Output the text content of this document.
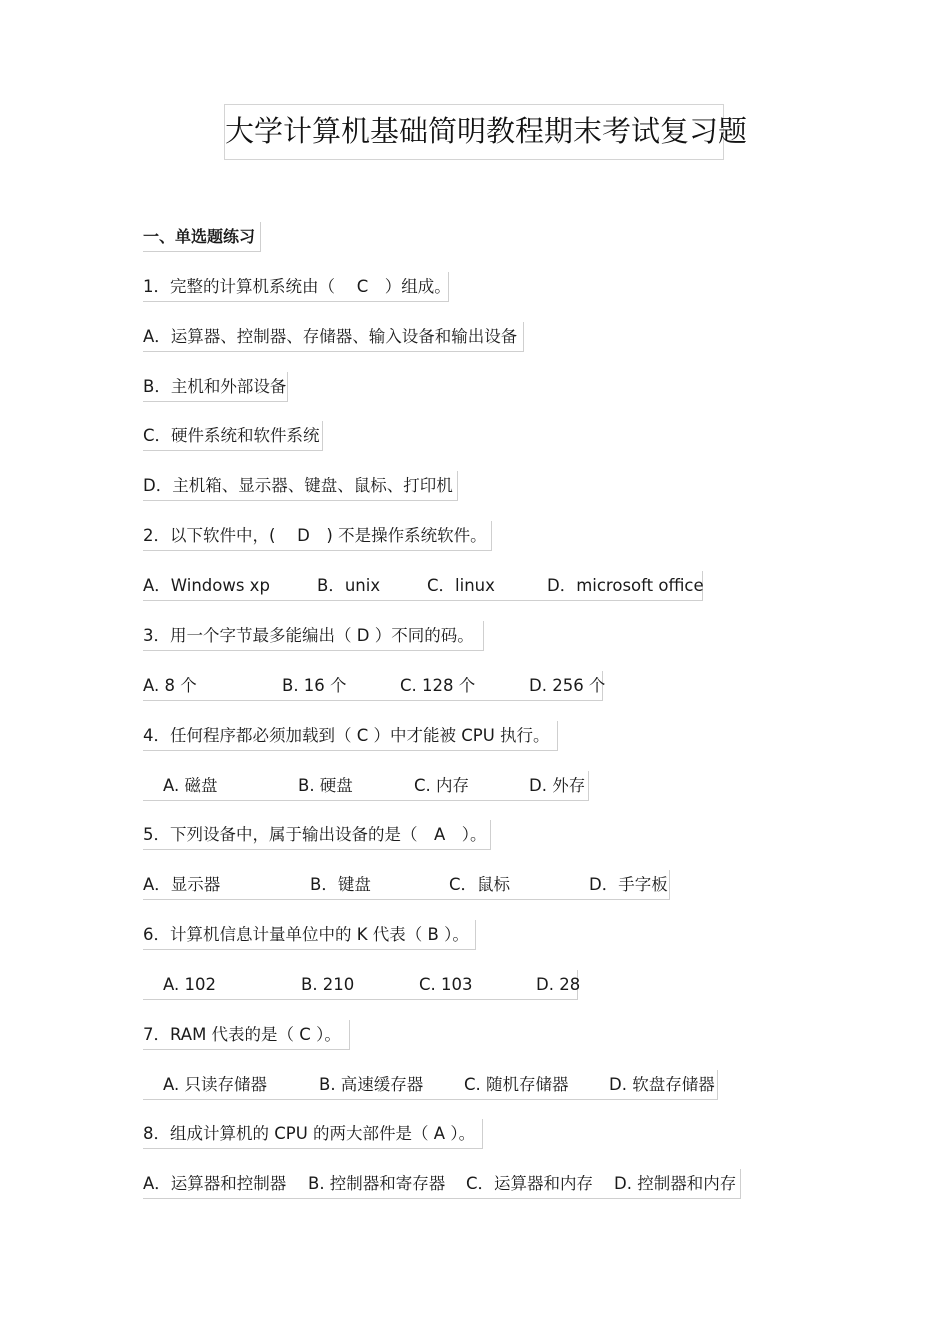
大学计算机基础简明教程期末考试复习题
一、单选题练习
1．完整的计算机系统由（　 C　）组成。
A．运算器、控制器、存储器、输入设备和输出设备
B．主机和外部设备
C．硬件系统和软件系统
D．主机箱、显示器、键盘、鼠标、打印机
2．以下软件中，(　 D　) 不是操作系统软件。
A．Windows xp	B．unix	C．linux	D．microsoft office
3．用一个字节最多能编出（ D ）不同的码。
A. 8 个	B. 16 个	C. 128 个	D. 256 个
4．任何程序都必须加载到（ C ）中才能被 CPU 执行。
A. 磁盘	B. 硬盘	C. 内存	D. 外存
5．下列设备中，属于输出设备的是（　A　）。
A．显示器	B．键盘	C．鼠标	D．手字板
6．计算机信息计量单位中的 K 代表（ B ）。
A. 102	B. 210	C. 103	D. 28
7．RAM 代表的是（ C ）。
A. 只读存储器	B. 高速缓存器 C. 随机存储器 D. 软盘存储器
8．组成计算机的 CPU 的两大部件是（ A ）。
A．运算器和控制器 B. 控制器和寄存器 C．运算器和内存 D. 控制器和内存
